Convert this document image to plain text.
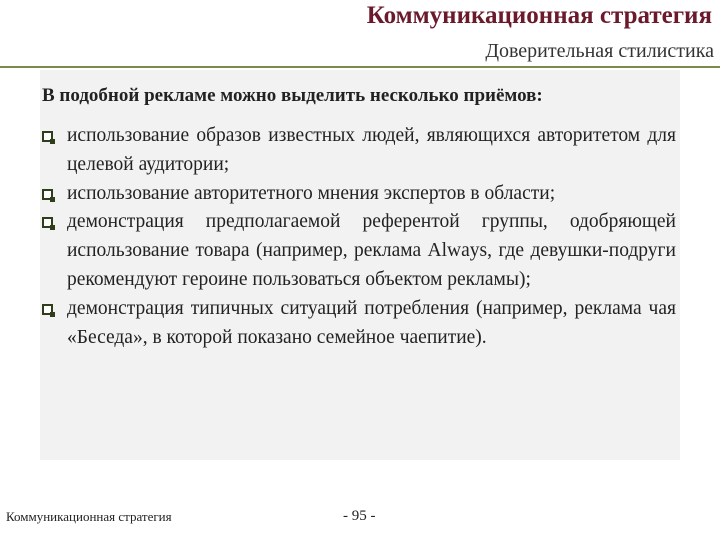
Коммуникационная стратегия
Доверительная стилистика
В подобной рекламе можно выделить несколько приёмов:
использование образов известных людей, являющихся авторитетом для целевой аудитории;
использование авторитетного мнения экспертов в области;
демонстрация предполагаемой референтой группы, одобряющей использование товара (например, реклама Always, где девушки-подруги рекомендуют героине пользоваться объектом рекламы);
демонстрация типичных ситуаций потребления (например, реклама чая «Беседа», в которой показано семейное чаепитие).
Коммуникационная стратегия	- 95 -
